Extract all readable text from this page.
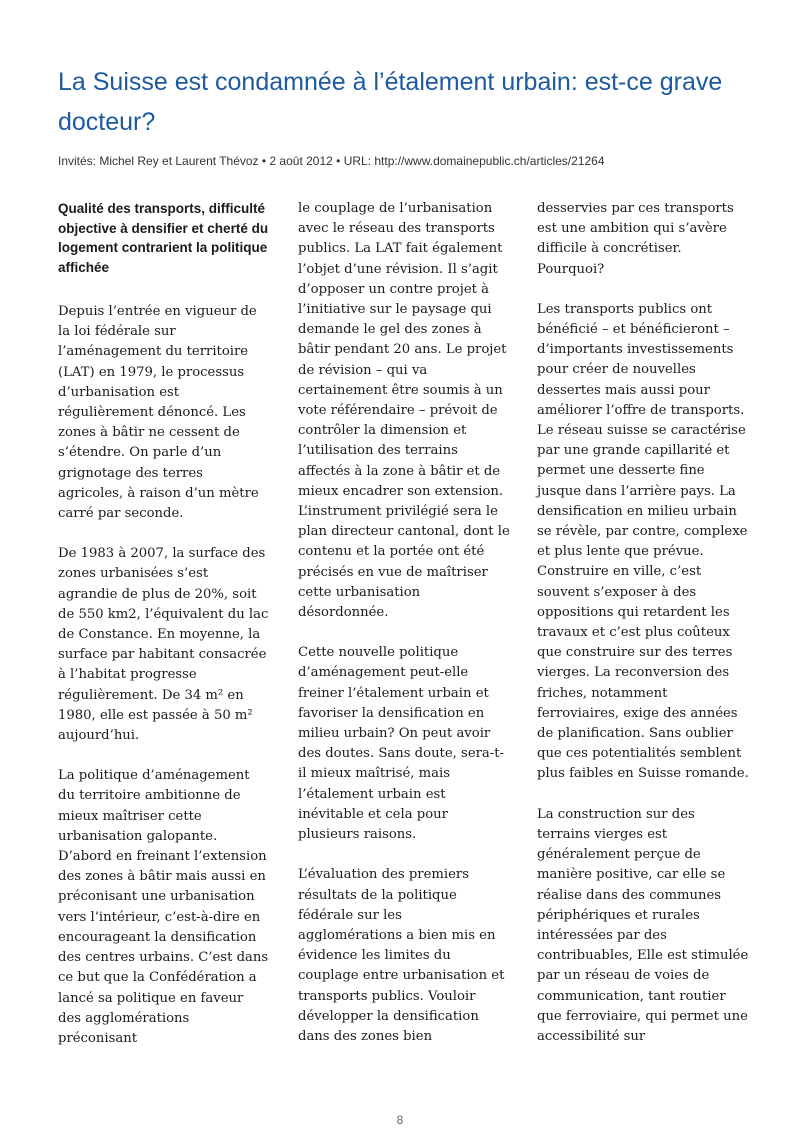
La Suisse est condamnée à l’étalement urbain: est-ce grave docteur?
Invités: Michel Rey et Laurent Thévoz • 2 août 2012 • URL: http://www.domainepublic.ch/articles/21264
Qualité des transports, difficulté objective à densifier et cherté du logement contrarient la politique affichée

Depuis l’entrée en vigueur de la loi fédérale sur l’aménagement du territoire (LAT) en 1979, le processus d’urbanisation est régulièrement dénoncé. Les zones à bâtir ne cessent de s’étendre. On parle d’un grignotage des terres agricoles, à raison d’un mètre carré par seconde.

De 1983 à 2007, la surface des zones urbanisées s’est agrandie de plus de 20%, soit de 550 km2, l’équivalent du lac de Constance. En moyenne, la surface par habitant consacrée à l’habitat progresse régulièrement. De 34 m² en 1980, elle est passée à 50 m² aujourd’hui.

La politique d’aménagement du territoire ambitionne de mieux maîtriser cette urbanisation galopante. D’abord en freinant l’extension des zones à bâtir mais aussi en préconisant une urbanisation vers l’intérieur, c’est-à-dire en encourageant la densification des centres urbains. C’est dans ce but que la Confédération a lancé sa politique en faveur des agglomérations préconisant

le couplage de l’urbanisation avec le réseau des transports publics. La LAT fait également l’objet d’une révision. Il s’agit d’opposer un contre projet à l’initiative sur le paysage qui demande le gel des zones à bâtir pendant 20 ans. Le projet de révision – qui va certainement être soumis à un vote référendaire – prévoit de contrôler la dimension et l’utilisation des terrains affectés à la zone à bâtir et de mieux encadrer son extension. L’instrument privilégié sera le plan directeur cantonal, dont le contenu et la portée ont été précisés en vue de maîtriser cette urbanisation désordonnée.

Cette nouvelle politique d’aménagement peut-elle freiner l’étalement urbain et favoriser la densification en milieu urbain? On peut avoir des doutes. Sans doute, sera-t-il mieux maîtrisé, mais l’étalement urbain est inévitable et cela pour plusieurs raisons.

L’évaluation des premiers résultats de la politique fédérale sur les agglomérations a bien mis en évidence les limites du couplage entre urbanisation et transports publics. Vouloir développer la densification dans des zones bien

desservies par ces transports est une ambition qui s’avère difficile à concrétiser. Pourquoi?

Les transports publics ont bénéficié – et bénéficieront – d’importants investissements pour créer de nouvelles dessertes mais aussi pour améliorer l’offre de transports. Le réseau suisse se caractérise par une grande capillarité et permet une desserte fine jusque dans l’arrière pays. La densification en milieu urbain se révèle, par contre, complexe et plus lente que prévue. Construire en ville, c’est souvent s’exposer à des oppositions qui retardent les travaux et c’est plus coûteux que construire sur des terres vierges. La reconversion des friches, notamment ferroviaires, exige des années de planification. Sans oublier que ces potentialités semblent plus faibles en Suisse romande.

La construction sur des terrains vierges est généralement perçue de manière positive, car elle se réalise dans des communes périphériques et rurales intéressées par des contribuables, Elle est stimulée par un réseau de voies de communication, tant routier que ferroviaire, qui permet une accessibilité sur

8
